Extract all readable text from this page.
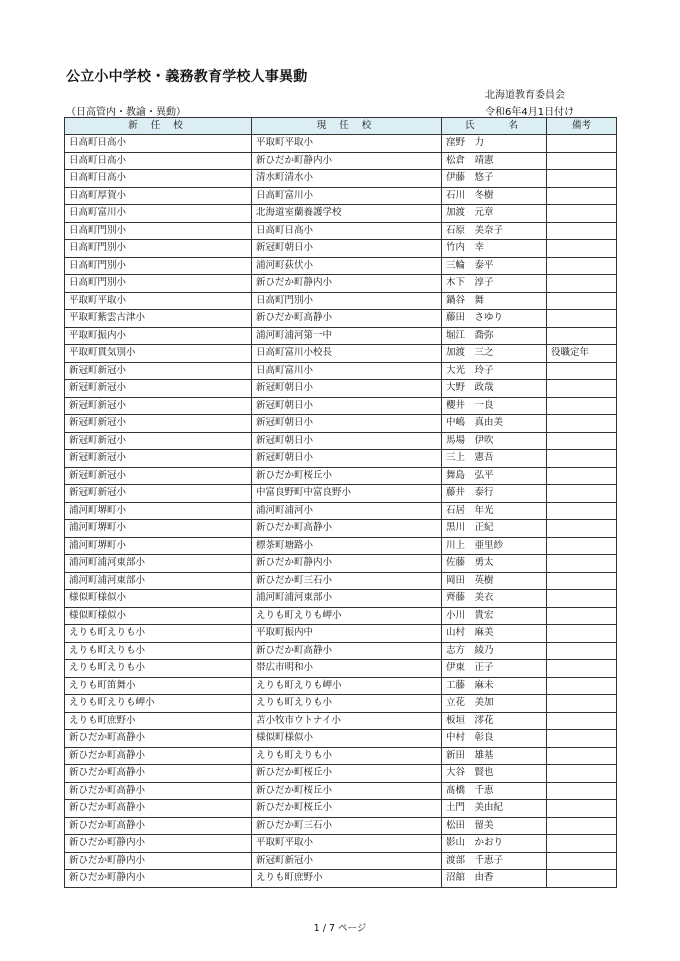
公立小中学校・義務教育学校人事異動
北海道教育委員会
（日高管内・教諭・異動）	令和6年4月1日付け
新 任 校	現 任 校	氏　　名	備考
日高町日高小	平取町平取小	窪野　力	
日高町日高小	新ひだか町静内小	松倉　靖憲	
日高町日高小	清水町清水小	伊藤　悠子	
日高町厚賀小	日高町富川小	石川　冬樹	
日高町富川小	北海道室蘭養護学校	加渡　元章	
日高町門別小	日高町日高小	石原　美奈子	
日高町門別小	新冠町朝日小	竹内　幸	
日高町門別小	浦河町荻伏小	三輪　泰平	
日高町門別小	新ひだか町静内小	木下　淳子	
平取町平取小	日高町門別小	鍋谷　舞	
平取町紫雲古津小	新ひだか町高静小	藤田　さゆり	
平取町振内小	浦河町浦河第一中	堀江　喬弥	
平取町貫気別小	日高町富川小校長	加渡　三之	役職定年
新冠町新冠小	日高町富川小	大光　玲子	
新冠町新冠小	新冠町朝日小	大野　政哉	
新冠町新冠小	新冠町朝日小	櫻井　一良	
新冠町新冠小	新冠町朝日小	中嶋　真由美	
新冠町新冠小	新冠町朝日小	馬場　伊吹	
新冠町新冠小	新冠町朝日小	三上　憲吾	
新冠町新冠小	新ひだか町桜丘小	舞島　弘平	
新冠町新冠小	中富良野町中富良野小	藤井　泰行	
浦河町堺町小	浦河町浦河小	石居　年光	
浦河町堺町小	新ひだか町高静小	黒川　正紀	
浦河町堺町小	標茶町塘路小	川上　亜里紗	
浦河町浦河東部小	新ひだか町静内小	佐藤　勇太	
浦河町浦河東部小	新ひだか町三石小	岡田　英樹	
様似町様似小	浦河町浦河東部小	齊藤　美衣	
様似町様似小	えりも町えりも岬小	小川　貴宏	
えりも町えりも小	平取町振内中	山村　麻美	
えりも町えりも小	新ひだか町高静小	志方　綾乃	
えりも町えりも小	帯広市明和小	伊東　正子	
えりも町笛舞小	えりも町えりも岬小	工藤　麻未	
えりも町えりも岬小	えりも町えりも小	立花　美加	
えりも町庶野小	苫小牧市ウトナイ小	板垣　澪花	
新ひだか町高静小	様似町様似小	中村　彰良	
新ひだか町高静小	えりも町えりも小	新田　雄基	
新ひだか町高静小	新ひだか町桜丘小	大谷　賢也	
新ひだか町高静小	新ひだか町桜丘小	髙橋　千恵	
新ひだか町高静小	新ひだか町桜丘小	土門　美由紀	
新ひだか町高静小	新ひだか町三石小	松田　留美	
新ひだか町静内小	平取町平取小	影山　かおり	
新ひだか町静内小	新冠町新冠小	渡部　千恵子	
新ひだか町静内小	えりも町庶野小	沼舘　由香	
1 / 7 ページ
